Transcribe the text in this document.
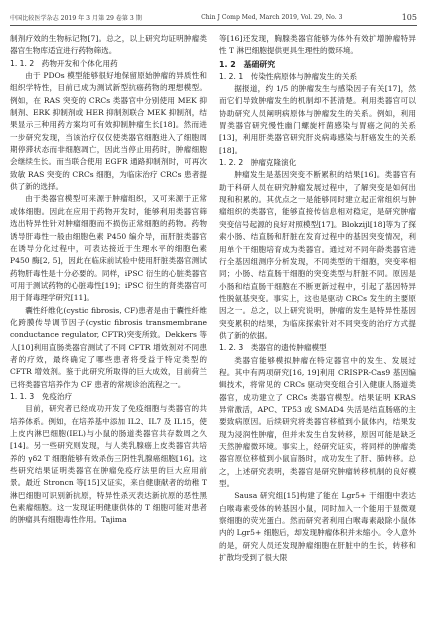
中国比较医学杂志 2019 年 3 月第 29 卷第 3 期	Chin J Comp Med, March 2019, Vol. 29, No. 3	105
制剂疗效的生物标记物[7]。总之，以上研究均证明肿瘤类器官生物库适宜进行药物筛选。
1. 1. 2　药物开发和个体化用药
由于 PDOs 模型能够很好地保留原始肿瘤的异质性和组织学特性，目前已成为测试新型抗癌药物的理想模型。例如，在 RAS 突变的 CRCs 类器官中分别使用 MEK 抑制剂、ERK 抑制剂或 HER 抑制剂联合 MEK 抑制剂，结果显示三种用药方案均可有效抑制肿瘤生长[18]。然而进一步研究发现，当该治疗仅仅使类器官细胞进入了细胞周期停滞状态而非细胞凋亡，因此当停止用药时，肿瘤细胞会继续生长。而当联合使用 EGFR 通路抑制剂时，可再次致敏 RAS 突变的 CRCs 细胞，为临床治疗 CRCs 患者提供了新的选择。
由于类器官模型可来源于肿瘤组织，又可来源于正常或体细胞。因此在应用于药物开发时，能够利用类器官筛选出特异性针对肿瘤细胞而不损伤正常细胞的药物。药物诱导肝毒性一般由细胞色素 P450 编介导，而肝脏类器官在诱导分化过程中，可表达接近于生理水平的细胞色素 P450 酶[2, 5]，因此在临床前试验中使用肝脏类器官测试药物肝毒性是十分必要的。同样，iPSC 衍生的心脏类器官可用于测试药物的心脏毒性[19]；iPSC 衍生的肾类器官可用于肾毒理学研究[11]。
囊性纤维化(cystic fibrosis, CF)患者是由于囊性纤维化跨膜传导调节因子(cystic fibrosis transmembrane conductance regulator, CFTR)突变所致。Dekkers 等人[10]利用直肠类器官测试了不同 CFTR 增效剂对不同患者的疗效，最终确定了哪些患者将受益于特定类型的 CFTR 增效剂。鉴于此研究所取得的巨大成效，目前荷兰已将类器官培养作为 CF 患者的常规诊治流程之一。
1. 1. 3　免疫治疗
目前，研究者已经成功开发了免疫细胞与类器官的共培养体系。例如，在培养基中添加 IL2、IL7 及 IL15，使上皮内淋巴细胞(IEL)与小鼠的肠道类器官共存数周之久[14]。另一些研究则发现，与人类乳腺癌上皮类器官共培养的 γδ2 T 细胞能够有效杀伤三阴性乳腺癌细胞[16]。这些研究结果证明类器官在肿瘤免疫疗法里的巨大应用前景。最近 Stroncn 等[15]又证实，来自健康献者的幼稚 T 淋巴细胞可识别新抗原，特异性杀灭表达新抗原的恶性黑色素瘤细胞。这一发现证明健康供体的 T 细胞可能对患者的肿瘤具有细胞毒性作用。Tajima
等[16]还发现，胸腺类器官能够为体外有效扩增肿瘤特异性 T 淋巴细胞提供更具生理性的微环境。
1. 2　基础研究
1. 2. 1　传染性病原体与肿瘤发生的关系
据报道，约 1/5 的肿瘤发生与感染因子有关[17]，然而它们导致肿瘤发生的机制却不甚清楚。利用类器官可以协助研究人员阐明病原体与肿瘤发生的关系。例如，利用胃类器官研究慢性幽门螺旋杆菌感染与胃癌之间的关系[13]，利用肝类器官研究肝炎病毒感染与肝癌发生的关系[18]。
1. 2. 2　肿瘤克隆演化
肿瘤发生是基因突变不断累积的结果[16]。类器官有助于科研人员在研究肿瘤发展过程中，了解突变是如何出现和积累的。其优点之一是能够同时建立起正常组织与肿瘤组织的类器官，能够直接传信息相对稳定，是研究肿瘤突变信号起源的良好对照模型[17]。Blokzijl[18]等为了探索小肠、结直肠和肝脏在发育过程中的基因突变情况，利用单个干细胞培育成为类器官。通过对不同年龄类器官进行全基因组测序分析发现，不同类型的干细胞，突变率相同；小肠、结直肠干细胞的突变类型与肝脏不同。原因是小肠和结直肠干细胞在不断更新过程中，引起了基因特异性脱氨基突变。事实上，这也是驱动 CRCs 发生的主要原因之一。总之，以上研究说明，肿瘤的发生是特异性基因突变累积的结果，为临床探索针对不同突变的治疗方式提供了新的依据。
1. 2. 3　类器官的遗传肿瘤模型
类器官能够模拟肿瘤在特定器官中的发生、发展过程。其中有两项研究[16, 19]利用 CRISPR-Cas9 基因编辑技术，将常见的 CRCs 驱动突变组合引入健康人肠道类器官，成功建立了 CRCs 类器官模型。结果证明 KRAS 异常激活，APC、TP53 或 SMAD4 失活是结直肠癌的主要致病原因。后续研究将类器官移植到小鼠体内，结果发现为浸润性肿瘤，但并未发生自发转移，原因可能是缺乏天然肿瘤微环境。事实上，经研究证实，将同样的肿瘤类器官原位移植到小鼠盲肠时，成功发生了肝、肺转移。总之，上述研究表明，类器官是研究肿瘤转移机制的良好模型。
Sausa 研究组[15]构建了能在 Lgr5+ 干细胞中表达白喉毒素受体的转基因小鼠，同时加入一个能用于显微观察细胞的荧光蛋白。然而研究者利用白喉毒素敲除小鼠体内的 Lgr5+ 细胞后，却发现肿瘤体积并未缩小。令人意外的是，研究人员还发现肿瘤细胞在肝脏中的生长，转移和扩散均受到了很大限
